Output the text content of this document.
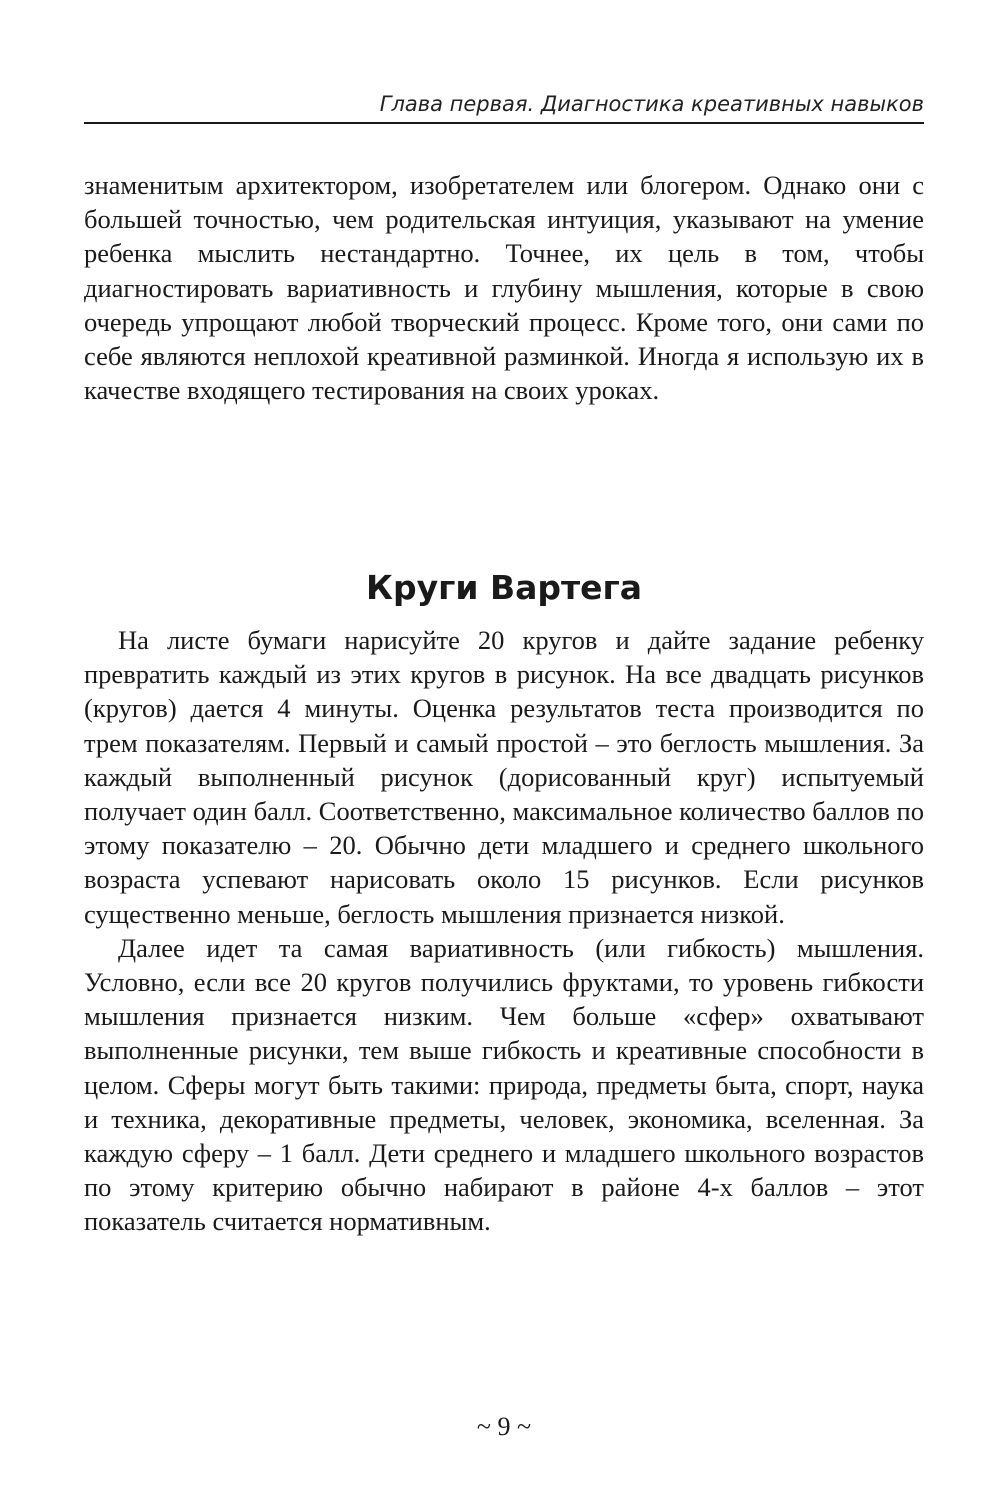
Глава первая. Диагностика креативных навыков

знаменитым архитектором, изобретателем или блогером. Однако они с большей точностью, чем родительская интуиция, указывают на умение ребенка мыслить нестандартно. Точнее, их цель в том, чтобы диагностировать вариативность и глубину мышления, которые в свою очередь упрощают любой творческий процесс. Кроме того, они сами по себе являются неплохой креативной разминкой. Иногда я использую их в качестве входящего тестирования на своих уроках.

Круги Вартега

На листе бумаги нарисуйте 20 кругов и дайте задание ребенку превратить каждый из этих кругов в рисунок. На все двадцать рисунков (кругов) дается 4 минуты. Оценка результатов теста производится по трем показателям. Первый и самый простой – это беглость мышления. За каждый выполненный рисунок (дорисованный круг) испытуемый получает один балл. Соответственно, максимальное количество баллов по этому показателю – 20. Обычно дети младшего и среднего школьного возраста успевают нарисовать около 15 рисунков. Если рисунков существенно меньше, беглость мышления признается низкой.

Далее идет та самая вариативность (или гибкость) мышления. Условно, если все 20 кругов получились фруктами, то уровень гибкости мышления признается низким. Чем больше «сфер» охватывают выполненные рисунки, тем выше гибкость и креативные способности в целом. Сферы могут быть такими: природа, предметы быта, спорт, наука и техника, декоративные предметы, человек, экономика, вселенная. За каждую сферу – 1 балл. Дети среднего и младшего школьного возрастов по этому критерию обычно набирают в районе 4-х баллов – этот показатель считается нормативным.

~ 9 ~
